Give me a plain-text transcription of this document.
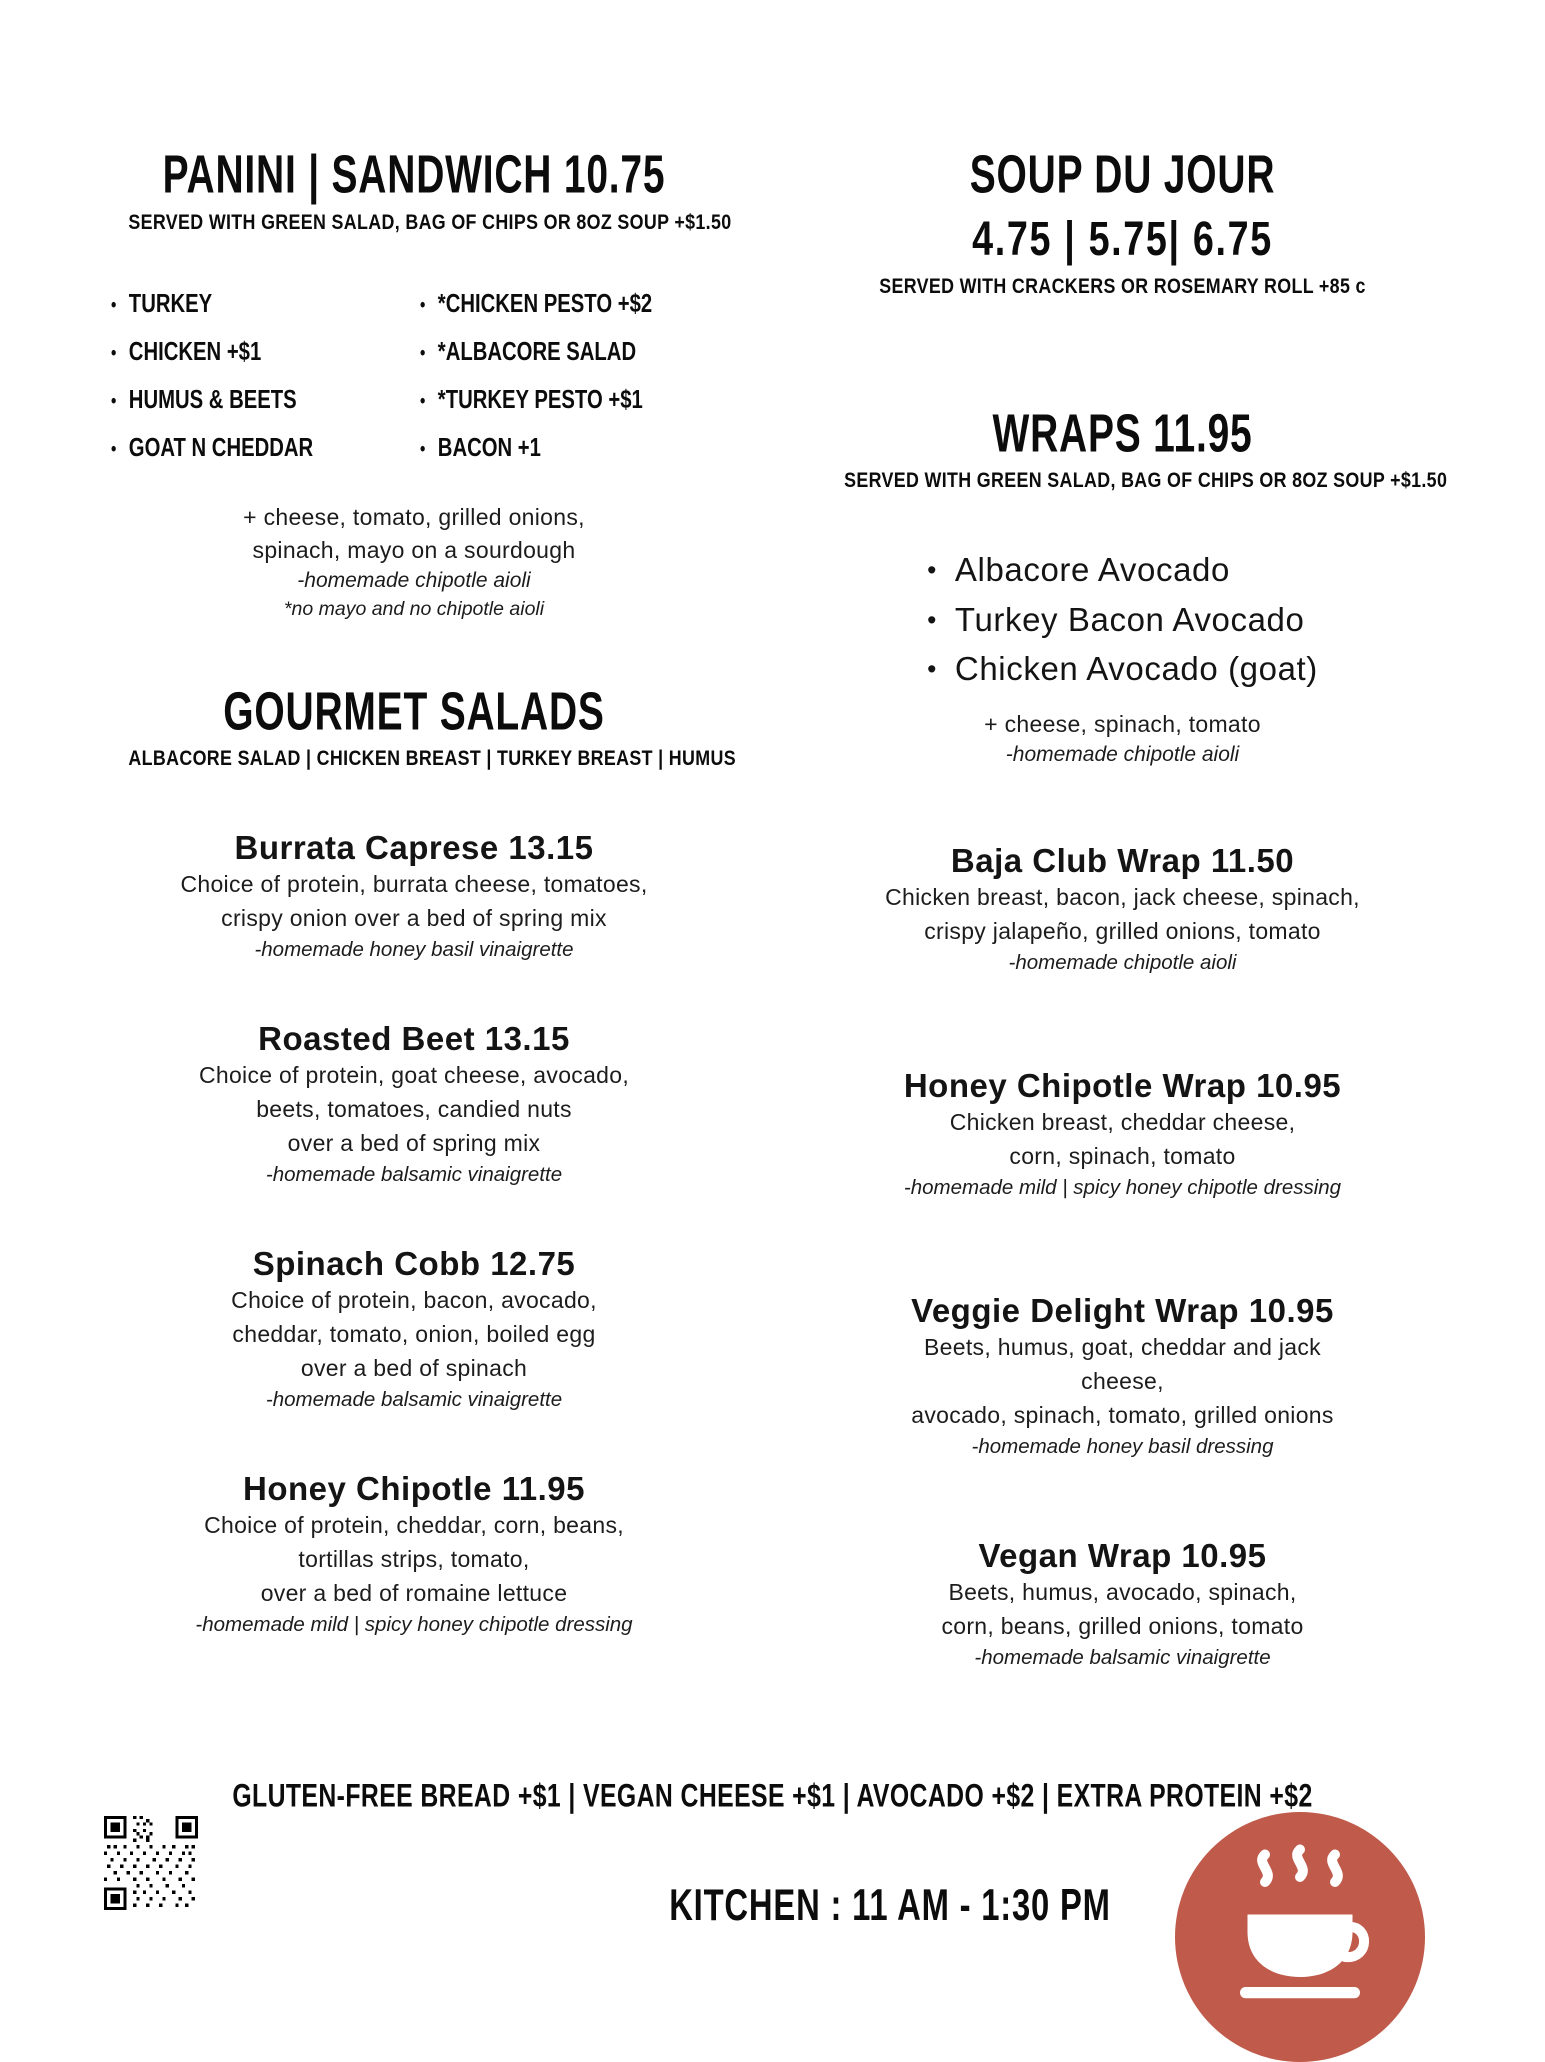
PANINI | SANDWICH 10.75
SERVED WITH GREEN SALAD, BAG OF CHIPS OR 8OZ SOUP +$1.50
• TURKEY
• CHICKEN +$1
• HUMUS & BEETS
• GOAT N CHEDDAR
• *CHICKEN PESTO +$2
• *ALBACORE SALAD
• *TURKEY PESTO +$1
• BACON +1
+ cheese, tomato, grilled onions,
spinach, mayo on a sourdough
-homemade chipotle aioli
*no mayo and no chipotle aioli
GOURMET SALADS
ALBACORE SALAD | CHICKEN BREAST | TURKEY BREAST | HUMUS
Burrata Caprese 13.15
Choice of protein, burrata cheese, tomatoes,
crispy onion over a bed of spring mix
-homemade honey basil vinaigrette
Roasted Beet 13.15
Choice of protein, goat cheese, avocado,
beets, tomatoes, candied nuts
over a bed of spring mix
-homemade balsamic vinaigrette
Spinach Cobb 12.75
Choice of protein, bacon, avocado,
cheddar, tomato, onion, boiled egg
over a bed of spinach
-homemade balsamic vinaigrette
Honey Chipotle 11.95
Choice of protein, cheddar, corn, beans,
tortillas strips, tomato,
over a bed of romaine lettuce
-homemade mild | spicy honey chipotle dressing
SOUP DU JOUR
4.75 | 5.75| 6.75
SERVED WITH CRACKERS OR ROSEMARY ROLL +85 c
WRAPS 11.95
SERVED WITH GREEN SALAD, BAG OF CHIPS OR 8OZ SOUP +$1.50
• Albacore Avocado
• Turkey Bacon Avocado
• Chicken Avocado (goat)
+ cheese, spinach, tomato
-homemade chipotle aioli
Baja Club Wrap 11.50
Chicken breast, bacon, jack cheese, spinach,
crispy jalapeño, grilled onions, tomato
-homemade chipotle aioli
Honey Chipotle Wrap 10.95
Chicken breast, cheddar cheese,
corn, spinach, tomato
-homemade mild | spicy honey chipotle dressing
Veggie Delight Wrap 10.95
Beets, humus, goat, cheddar and jack
cheese,
avocado, spinach, tomato, grilled onions
-homemade honey basil dressing
Vegan Wrap 10.95
Beets, humus, avocado, spinach,
corn, beans, grilled onions, tomato
-homemade balsamic vinaigrette
GLUTEN-FREE BREAD +$1 | VEGAN CHEESE +$1 | AVOCADO +$2 | EXTRA PROTEIN +$2
KITCHEN : 11 AM - 1:30 PM
